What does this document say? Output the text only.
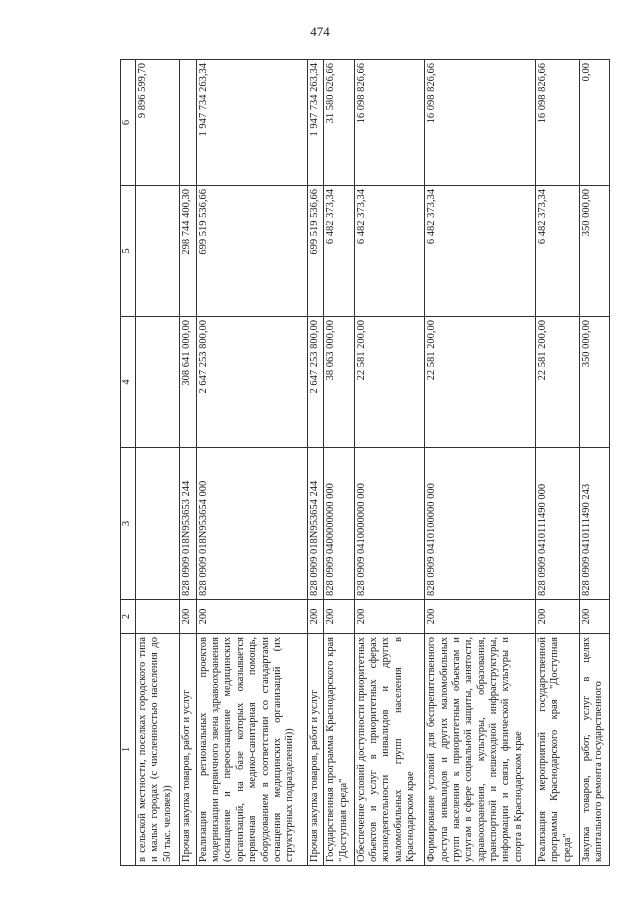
474
1	2	3	4	5	6
в сельской местности, поселках городского типа и малых городах (с численностью населения до 50 тыс. человек))					9 896 599,70
Прочая закупка товаров, работ и услуг	200	828 0909 018N953653 244	308 641 000,00	298 744 400,30	
Реализация региональных проектов модернизации первичного звена здравоохранения (оснащение и переоснащение медицинских организаций, на базе которых оказывается первичная медико-санитарная помощь, оборудованием в соответствии со стандартами оснащения медицинских организаций (их структурных подразделений))	200	828 0909 018N953654 000	2 647 253 800,00	699 519 536,66	1 947 734 263,34
Прочая закупка товаров, работ и услуг	200	828 0909 018N953654 244	2 647 253 800,00	699 519 536,66	1 947 734 263,34
Государственная программа Краснодарского края "Доступная среда"	200	828 0909 0400000000 000	38 063 000,00	6 482 373,34	31 580 626,66
Обеспечение условий доступности приоритетных объектов и услуг в приоритетных сферах жизнедеятельности инвалидов и других маломобильных групп населения в Краснодарском крае	200	828 0909 0410000000 000	22 581 200,00	6 482 373,34	16 098 826,66
Формирование условий для беспрепятственного доступа инвалидов и других маломобильных групп населения к приоритетным объектам и услугам в сфере социальной защиты, занятости, здравоохранения, культуры, образования, транспортной и пешеходной инфраструктуры, информации и связи, физической культуры и спорта в Краснодарском крае	200	828 0909 0410100000 000	22 581 200,00	6 482 373,34	16 098 826,66
Реализация мероприятий государственной программы Краснодарского края "Доступная среда"	200	828 0909 0410111490 000	22 581 200,00	6 482 373,34	16 098 826,66
Закупка товаров, работ, услуг в целях капитального ремонта государственного	200	828 0909 0410111490 243	350 000,00	350 000,00	0,00
